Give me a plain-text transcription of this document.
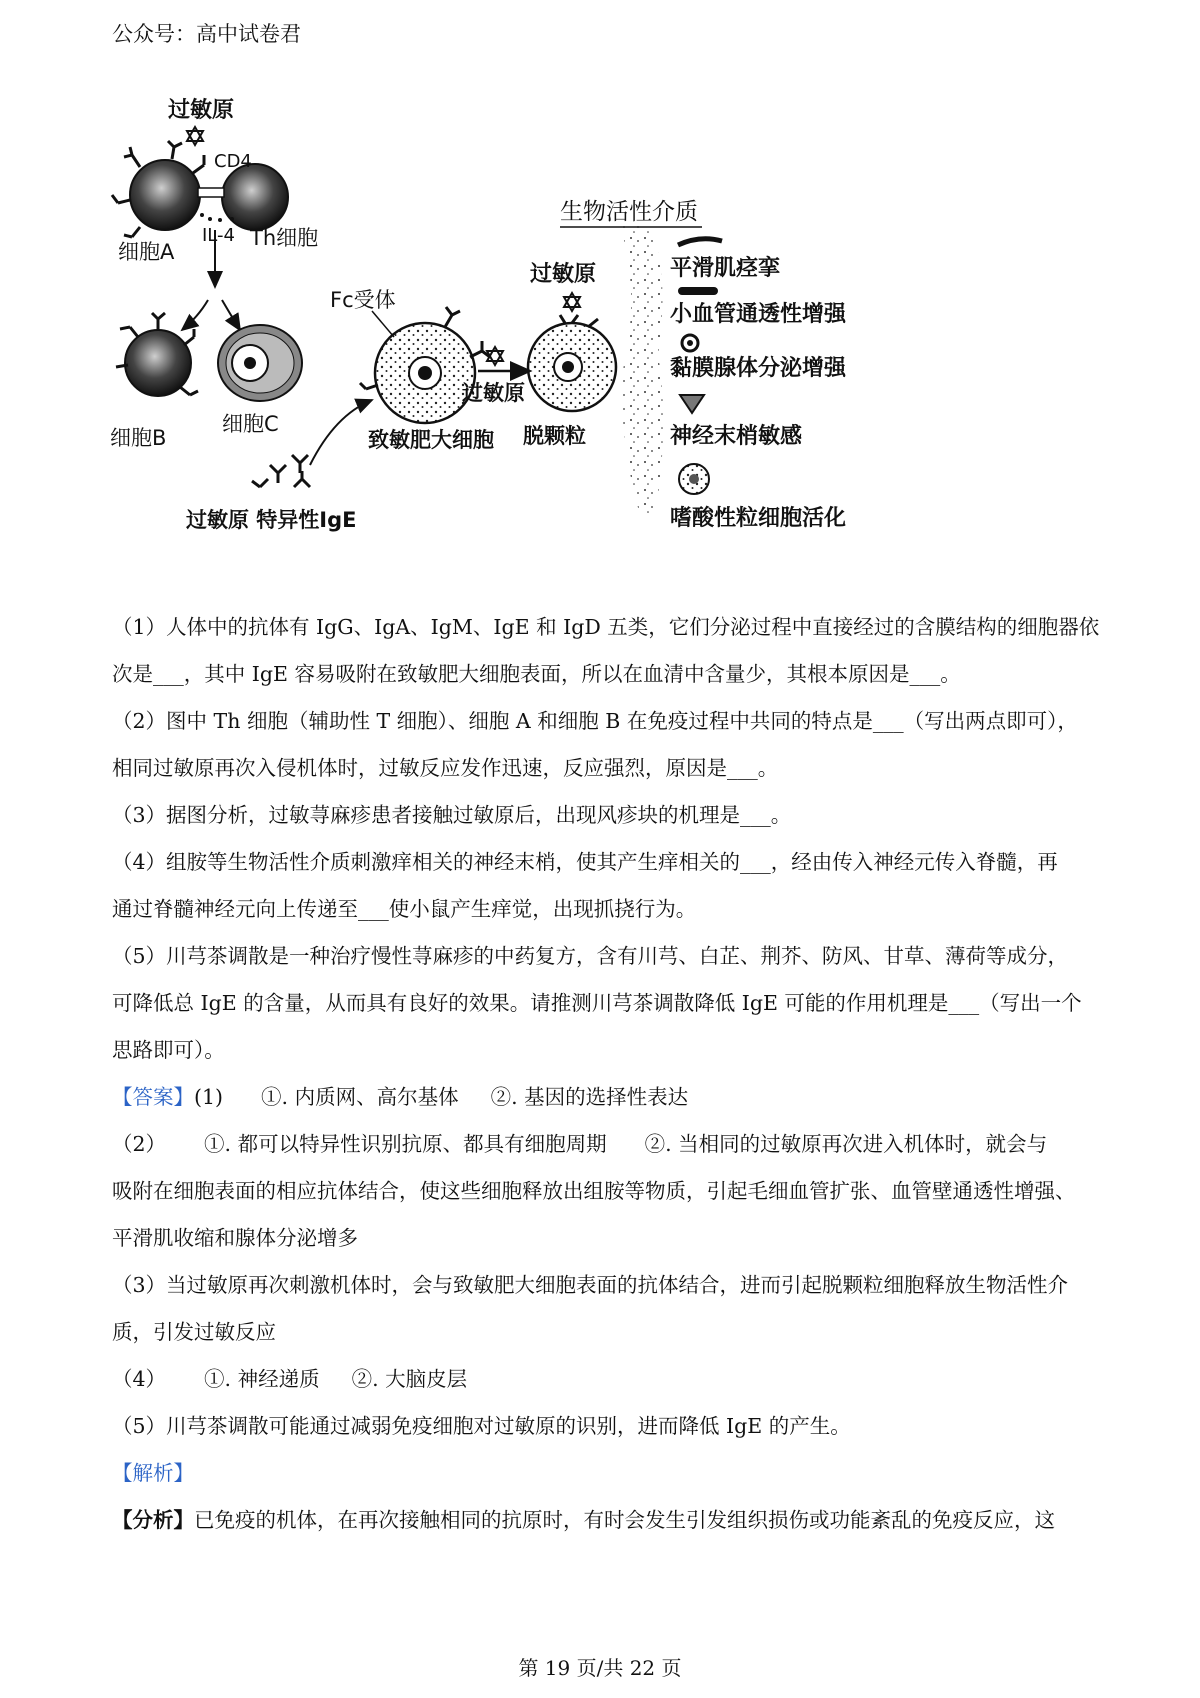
公众号：高中试卷君
过敏原
CD4
IL-4
细胞A
Th细胞
细胞B
细胞C
过敏原 特异性IgE
Fc受体
致敏肥大细胞
过敏原
过敏原
脱颗粒
生物活性介质
平滑肌痉挛
小血管通透性增强
黏膜腺体分泌增强
神经末梢敏感
嗜酸性粒细胞活化

（1）人体中的抗体有 IgG、IgA、IgM、IgE 和 IgD 五类，它们分泌过程中直接经过的含膜结构的细胞器依

次是___，其中 IgE 容易吸附在致敏肥大细胞表面，所以在血清中含量少，其根本原因是___。

（2）图中 Th 细胞（辅助性 T 细胞）、细胞 A 和细胞 B 在免疫过程中共同的特点是___（写出两点即可），

相同过敏原再次入侵机体时，过敏反应发作迅速，反应强烈，原因是___。

（3）据图分析，过敏荨麻疹患者接触过敏原后，出现风疹块的机理是___。

（4）组胺等生物活性介质刺激痒相关的神经末梢，使其产生痒相关的___，经由传入神经元传入脊髓，再

通过脊髓神经元向上传递至___使小鼠产生痒觉，出现抓挠行为。

（5）川芎茶调散是一种治疗慢性荨麻疹的中药复方，含有川芎、白芷、荆芥、防风、甘草、薄荷等成分，

可降低总 IgE 的含量，从而具有良好的效果。请推测川芎茶调散降低 IgE 可能的作用机理是___（写出一个

思路即可）。

【答案】(1) ①. 内质网、高尔基体 ②. 基因的选择性表达

（2） ①. 都可以特异性识别抗原、都具有细胞周期 ②. 当相同的过敏原再次进入机体时，就会与

吸附在细胞表面的相应抗体结合，使这些细胞释放出组胺等物质，引起毛细血管扩张、血管壁通透性增强、

平滑肌收缩和腺体分泌增多

（3）当过敏原再次刺激机体时，会与致敏肥大细胞表面的抗体结合，进而引起脱颗粒细胞释放生物活性介

质，引发过敏反应

（4） ①. 神经递质 ②. 大脑皮层

（5）川芎茶调散可能通过减弱免疫细胞对过敏原的识别，进而降低 IgE 的产生。

【解析】

【分析】已免疫的机体，在再次接触相同的抗原时，有时会发生引发组织损伤或功能紊乱的免疫反应，这

第 19 页/共 22 页
